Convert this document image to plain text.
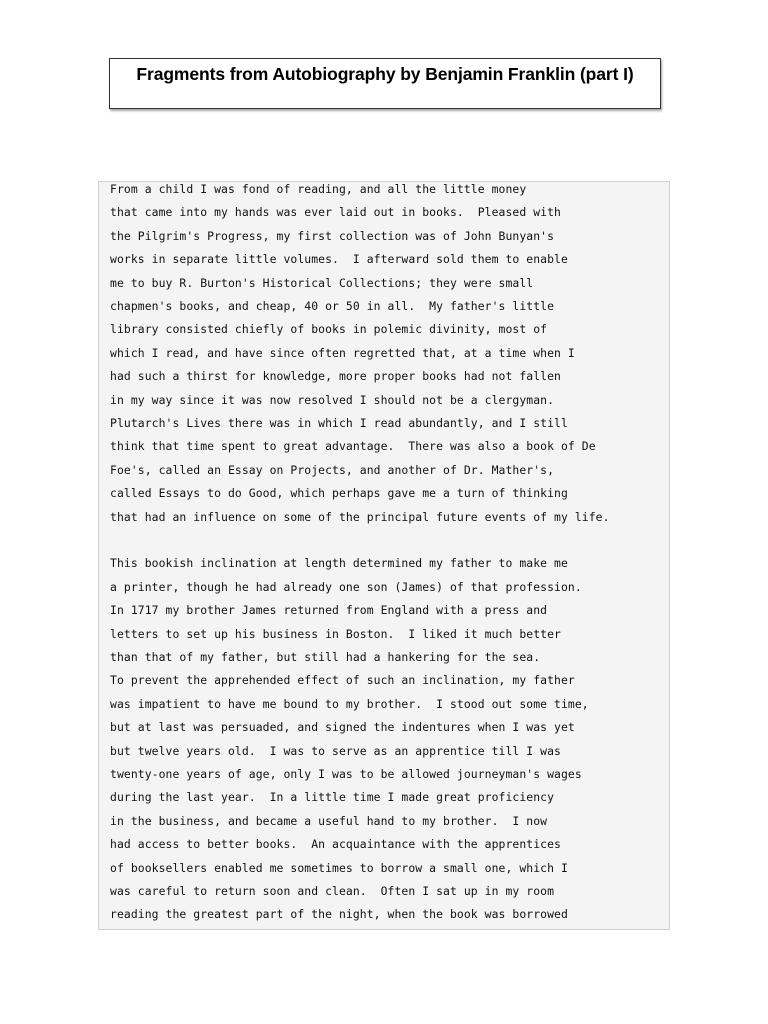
Fragments from Autobiography by Benjamin Franklin (part I)
From a child I was fond of reading, and all the little money
that came into my hands was ever laid out in books.  Pleased with
the Pilgrim's Progress, my first collection was of John Bunyan's
works in separate little volumes.  I afterward sold them to enable
me to buy R. Burton's Historical Collections; they were small
chapmen's books, and cheap, 40 or 50 in all.  My father's little
library consisted chiefly of books in polemic divinity, most of
which I read, and have since often regretted that, at a time when I
had such a thirst for knowledge, more proper books had not fallen
in my way since it was now resolved I should not be a clergyman.
Plutarch's Lives there was in which I read abundantly, and I still
think that time spent to great advantage.  There was also a book of De
Foe's, called an Essay on Projects, and another of Dr. Mather's,
called Essays to do Good, which perhaps gave me a turn of thinking
that had an influence on some of the principal future events of my life.
This bookish inclination at length determined my father to make me
a printer, though he had already one son (James) of that profession.
In 1717 my brother James returned from England with a press and
letters to set up his business in Boston.  I liked it much better
than that of my father, but still had a hankering for the sea.
To prevent the apprehended effect of such an inclination, my father
was impatient to have me bound to my brother.  I stood out some time,
but at last was persuaded, and signed the indentures when I was yet
but twelve years old.  I was to serve as an apprentice till I was
twenty-one years of age, only I was to be allowed journeyman's wages
during the last year.  In a little time I made great proficiency
in the business, and became a useful hand to my brother.  I now
had access to better books.  An acquaintance with the apprentices
of booksellers enabled me sometimes to borrow a small one, which I
was careful to return soon and clean.  Often I sat up in my room
reading the greatest part of the night, when the book was borrowed
